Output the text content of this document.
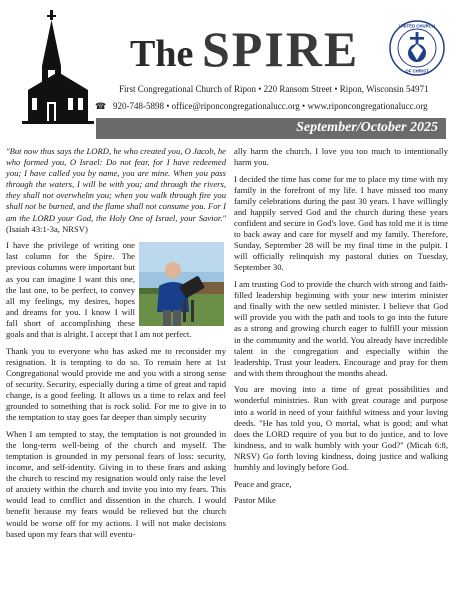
The SPIRE	UNITED CHURCH
OF CHRIST
First Congregational Church of Ripon • 220 Ransom Street • Ripon, Wisconsin 54971
☎ 920-748-5898 • office@riponcongregationalucc.org • www.riponcongregationalucc.org
September/October 2025

"But now thus says the LORD, he who created you, O Jacob, he who formed you, O Israel: Do not fear, for I have redeemed you; I have called you by name, you are mine. When you pass through the waters, I will be with you; and through the rivers, they shall not overwhelm you; when you walk through fire you shall not be burned, and the flame shall not consume you. For I am the LORD your God, the Holy One of Israel, your Savior." (Isaiah 43:1-3a, NRSV)

I have the privilege of writing one last column for the Spire. The previous columns were important but as you can imagine I want this one, the last one, to be perfect, to convey all my feelings, my desires, hopes and dreams for you. I know I will fall short of accomplishing these goals and that is alright. I accept that I am not perfect.

Thank you to everyone who has asked me to reconsider my resignation. It is tempting to do so. To remain here at 1st Congregational would provide me and you with a strong sense of security. Security, especially during a time of great and rapid change, is a good feeling. It allows us a time to relax and feel grounded to something that is rock solid. For me to give in to the temptation to stay goes far deeper than simply security

When I am tempted to stay, the temptation is not grounded in the long-term well-being of the church and myself. The temptation is grounded in my personal fears of loss: security, income, and self-identity. Giving in to these fears and asking the church to rescind my resignation would only raise the level of anxiety within the church and invite you into my fears. This would lead to conflict and dissention in the church. I would benefit because my fears would be relieved but the church would be worse off for my actions. I will not make decisions based upon my fears that will eventu-

ally harm the church. I love you too much to intentionally harm you.

I decided the time has come for me to place my time with my family in the forefront of my life. I have missed too many family celebrations during the past 30 years. I have willingly and happily served God and the church during these years confident and secure in God's love. God has told me it is time to back away and care for myself and my family. Therefore, Sunday, September 28 will be my final time in the pulpit. I will officially relinquish my pastoral duties on Tuesday, September 30.

I am trusting God to provide the church with strong and faith-filled leadership beginning with your new interim minister and finally with the new settled minister. I believe that God will provide you with the path and tools to go into the future as a strong and growing church eager to fulfill your mission in the community and the world. You already have incredible talent in the congregation and especially within the leadership. Trust your leaders. Encourage and pray for them and with them throughout the months ahead.

You are moving into a time of great possibilities and wonderful ministries. Run with great courage and purpose into a world in need of your faithful witness and your loving deeds. "He has told you, O mortal, what is good; and what does the LORD require of you but to do justice, and to love kindness, and to walk humbly with your God?" (Micah 6:8, NRSV) Go forth loving kindness, doing justice and walking humbly and lovingly before God.

Peace and grace,

Pastor Mike
